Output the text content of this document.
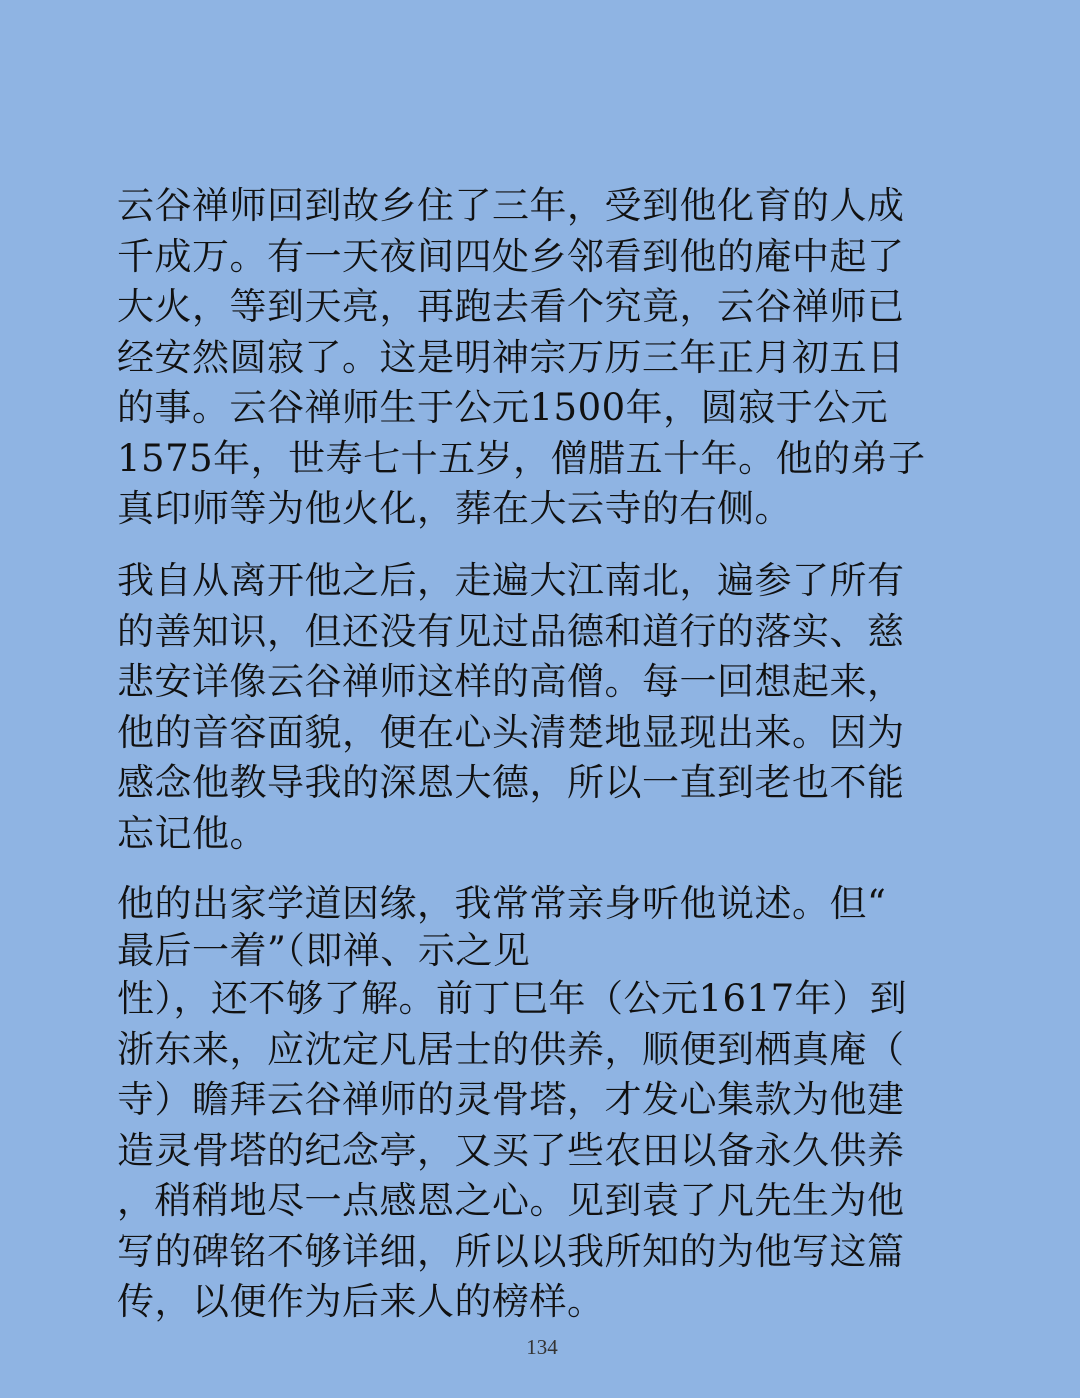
云谷禅师回到故乡住了三年，受到他化育的人成
千成万。有一天夜间四处乡邻看到他的庵中起了
大火，等到天亮，再跑去看个究竟，云谷禅师已
经安然圆寂了。这是明神宗万历三年正月初五日
的事。云谷禅师生于公元1500年，圆寂于公元
1575年，世寿七十五岁，僧腊五十年。他的弟子
真印师等为他火化，葬在大云寺的右侧。
我自从离开他之后，走遍大江南北，遍参了所有
的善知识，但还没有见过品德和道行的落实、慈
悲安详像云谷禅师这样的高僧。每一回想起来，
他的音容面貌，便在心头清楚地显现出来。因为
感念他教导我的深恩大德，所以一直到老也不能
忘记他。
他的出家学道因缘，我常常亲身听他说述。但“
最后一着”（即禅、示之见
性），还不够了解。前丁巳年（公元1617年）到
浙东来，应沈定凡居士的供养，顺便到栖真庵（
寺）瞻拜云谷禅师的灵骨塔，才发心集款为他建
造灵骨塔的纪念亭，又买了些农田以备永久供养
，稍稍地尽一点感恩之心。见到袁了凡先生为他
写的碑铭不够详细，所以以我所知的为他写这篇
传，以便作为后来人的榜样。
134
